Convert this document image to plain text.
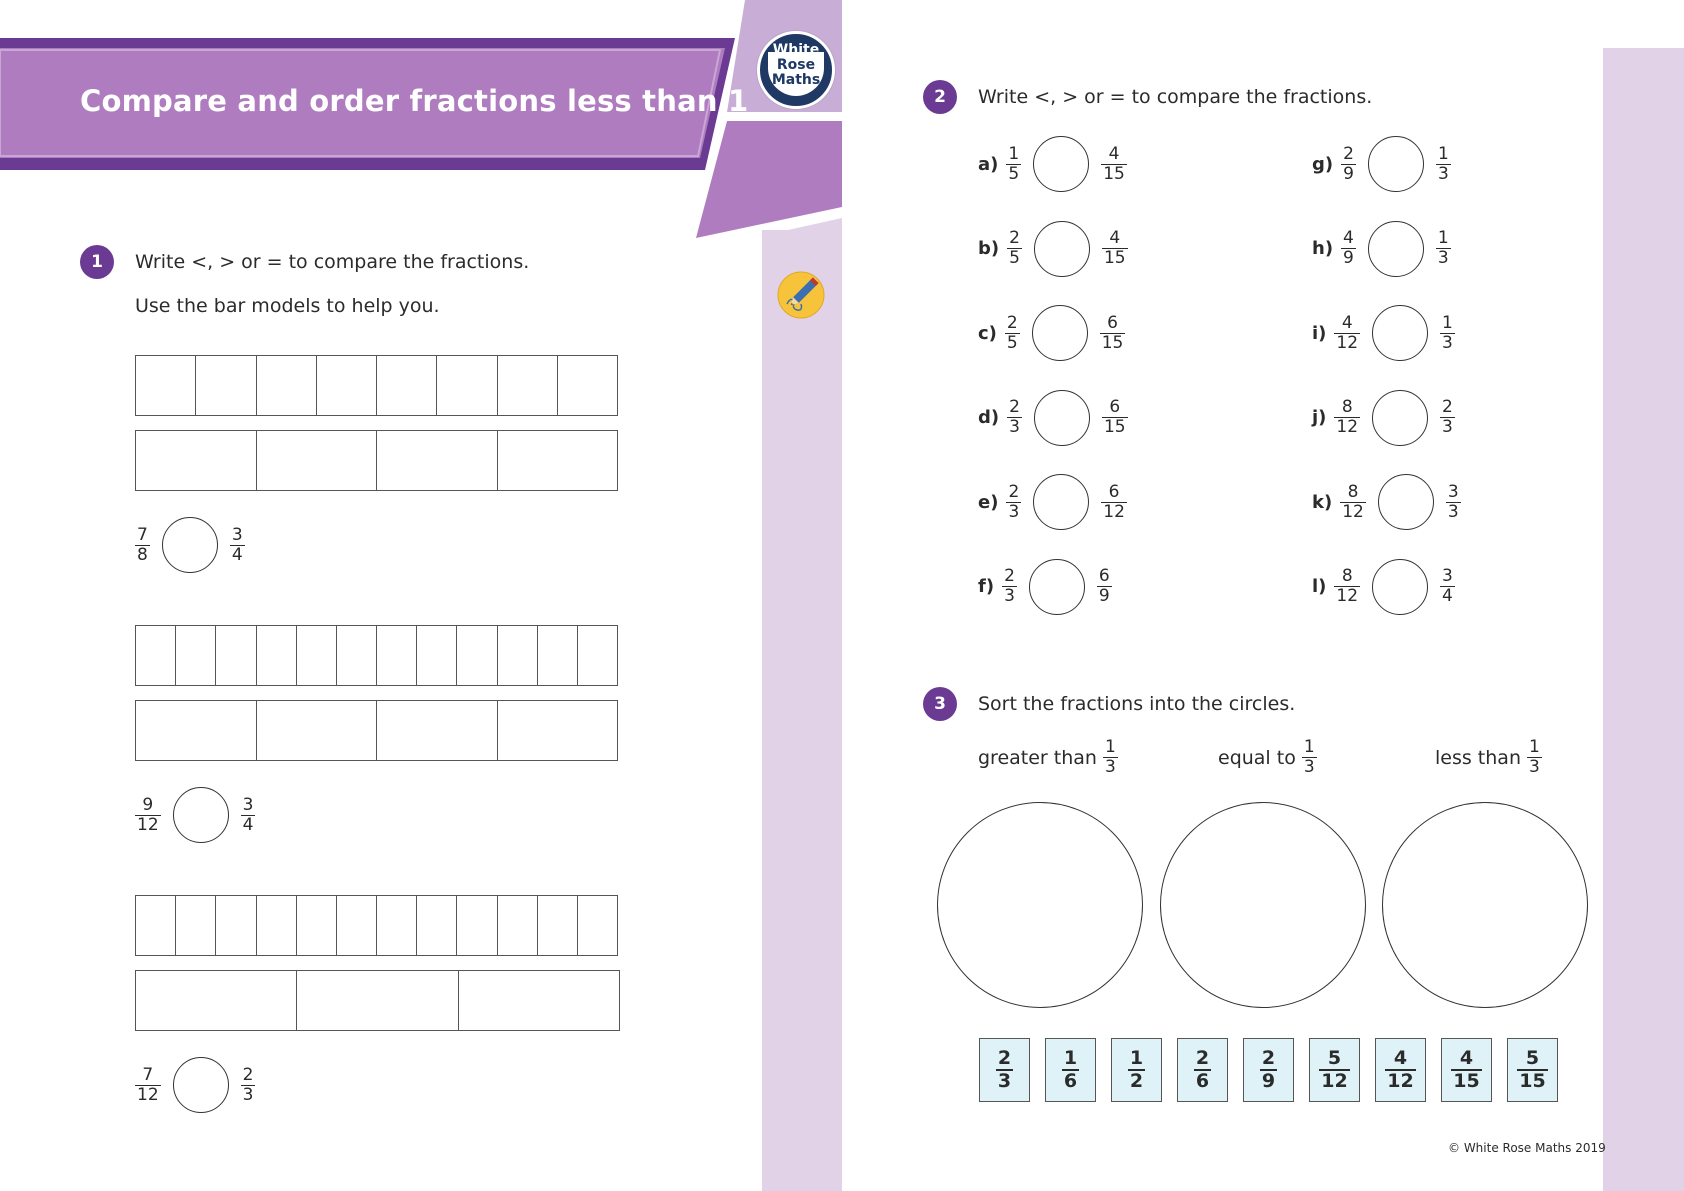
Compare and order fractions less than 1
White
Rose
Maths
1	Write <, > or = to compare the fractions.
Use the bar models to help you.
$\frac{7}{8}$	$\frac{3}{4}$
$\frac{9}{12}$	$\frac{3}{4}$
$\frac{7}{12}$	$\frac{2}{3}$
2	Write <, > or = to compare the fractions.
$a) \frac{1}{5}$	$\frac{4}{15}$
$b) \frac{2}{5}$	$\frac{4}{15}$
$c) \frac{2}{5}$	$\frac{6}{15}$
$d) \frac{2}{3}$	$\frac{6}{15}$
$e) \frac{2}{3}$	$\frac{6}{12}$
$f) \frac{2}{3}$	$\frac{6}{9}$
$g) \frac{2}{9}$	$\frac{1}{3}$
$h) \frac{4}{9}$	$\frac{1}{3}$
$i) \frac{4}{12}$	$\frac{1}{3}$
$j) \frac{8}{12}$	$\frac{2}{3}$
$k) \frac{8}{12}$	$\frac{3}{3}$
$l) \frac{8}{12}$	$\frac{3}{4}$
3	Sort the fractions into the circles.
greater than $\frac{1}{3}$	equal to $\frac{1}{3}$	less than $\frac{1}{3}$
$\frac{2}{3}$	$\frac{1}{6}$	$\frac{1}{2}$	$\frac{2}{6}$	$\frac{2}{9} \frac{5}{12} \frac{4}{12} \frac{4}{15} \frac{5}{15}$
© White Rose Maths 2019
